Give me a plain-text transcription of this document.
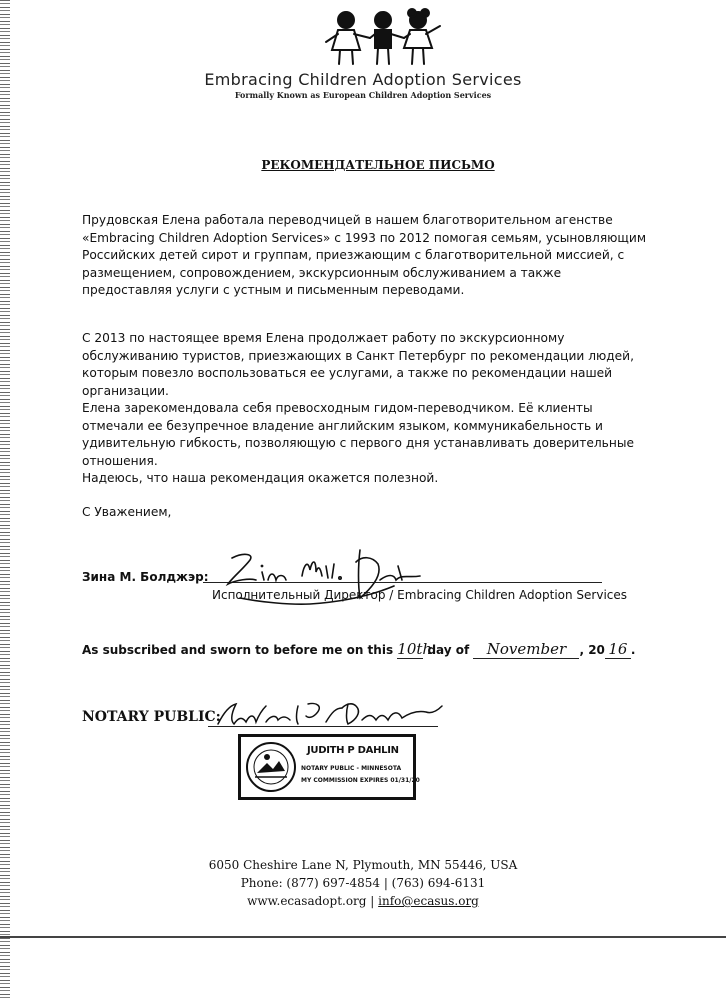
Embracing Children Adoption Services
Formally Known as European Children Adoption Services
РЕКОМЕНДАТЕЛЬНОЕ ПИСЬМО
Прудовская Елена работала переводчицей в нашем благотворительном агенстве «Embracing Children Adoption Services» с 1993 по 2012 помогая семьям, усыновляющим Российских детей сирот и группам, приезжающим с благотворительной миссией, с размещением, сопровождением, экскурсионным обслуживанием а также предоставляя услуги с устным и письменным переводами.
С 2013 по настоящее время Елена продолжает работу по экскурсионному обслуживанию туристов, приезжающих в Санкт Петербург по рекомендации людей, которым повезло воспользоваться ее услугами, а также по рекомендации нашей организации.
Елена зарекомендовала себя превосходным гидом-переводчиком. Её клиенты отмечали ее безупречное владение английским языком, коммуникабельность и удивительную гибкость, позволяющую с первого дня устанавливать доверительные отношения.
Надеюсь, что наша рекомендация окажется полезной.
С Уважением,
Зина М. Болджэр:
Исполнительный Директор / Embracing Children Adoption Services
As subscribed and sworn to before me on this 10th day of November , 20 16 .
NOTARY PUBLIC:
JUDITH P DAHLIN
NOTARY PUBLIC - MINNESOTA
MY COMMISSION EXPIRES 01/31/20
6050 Cheshire Lane N, Plymouth, MN 55446, USA
Phone: (877) 697-4854 | (763) 694-6131
www.ecasadopt.org | info@ecasus.org
